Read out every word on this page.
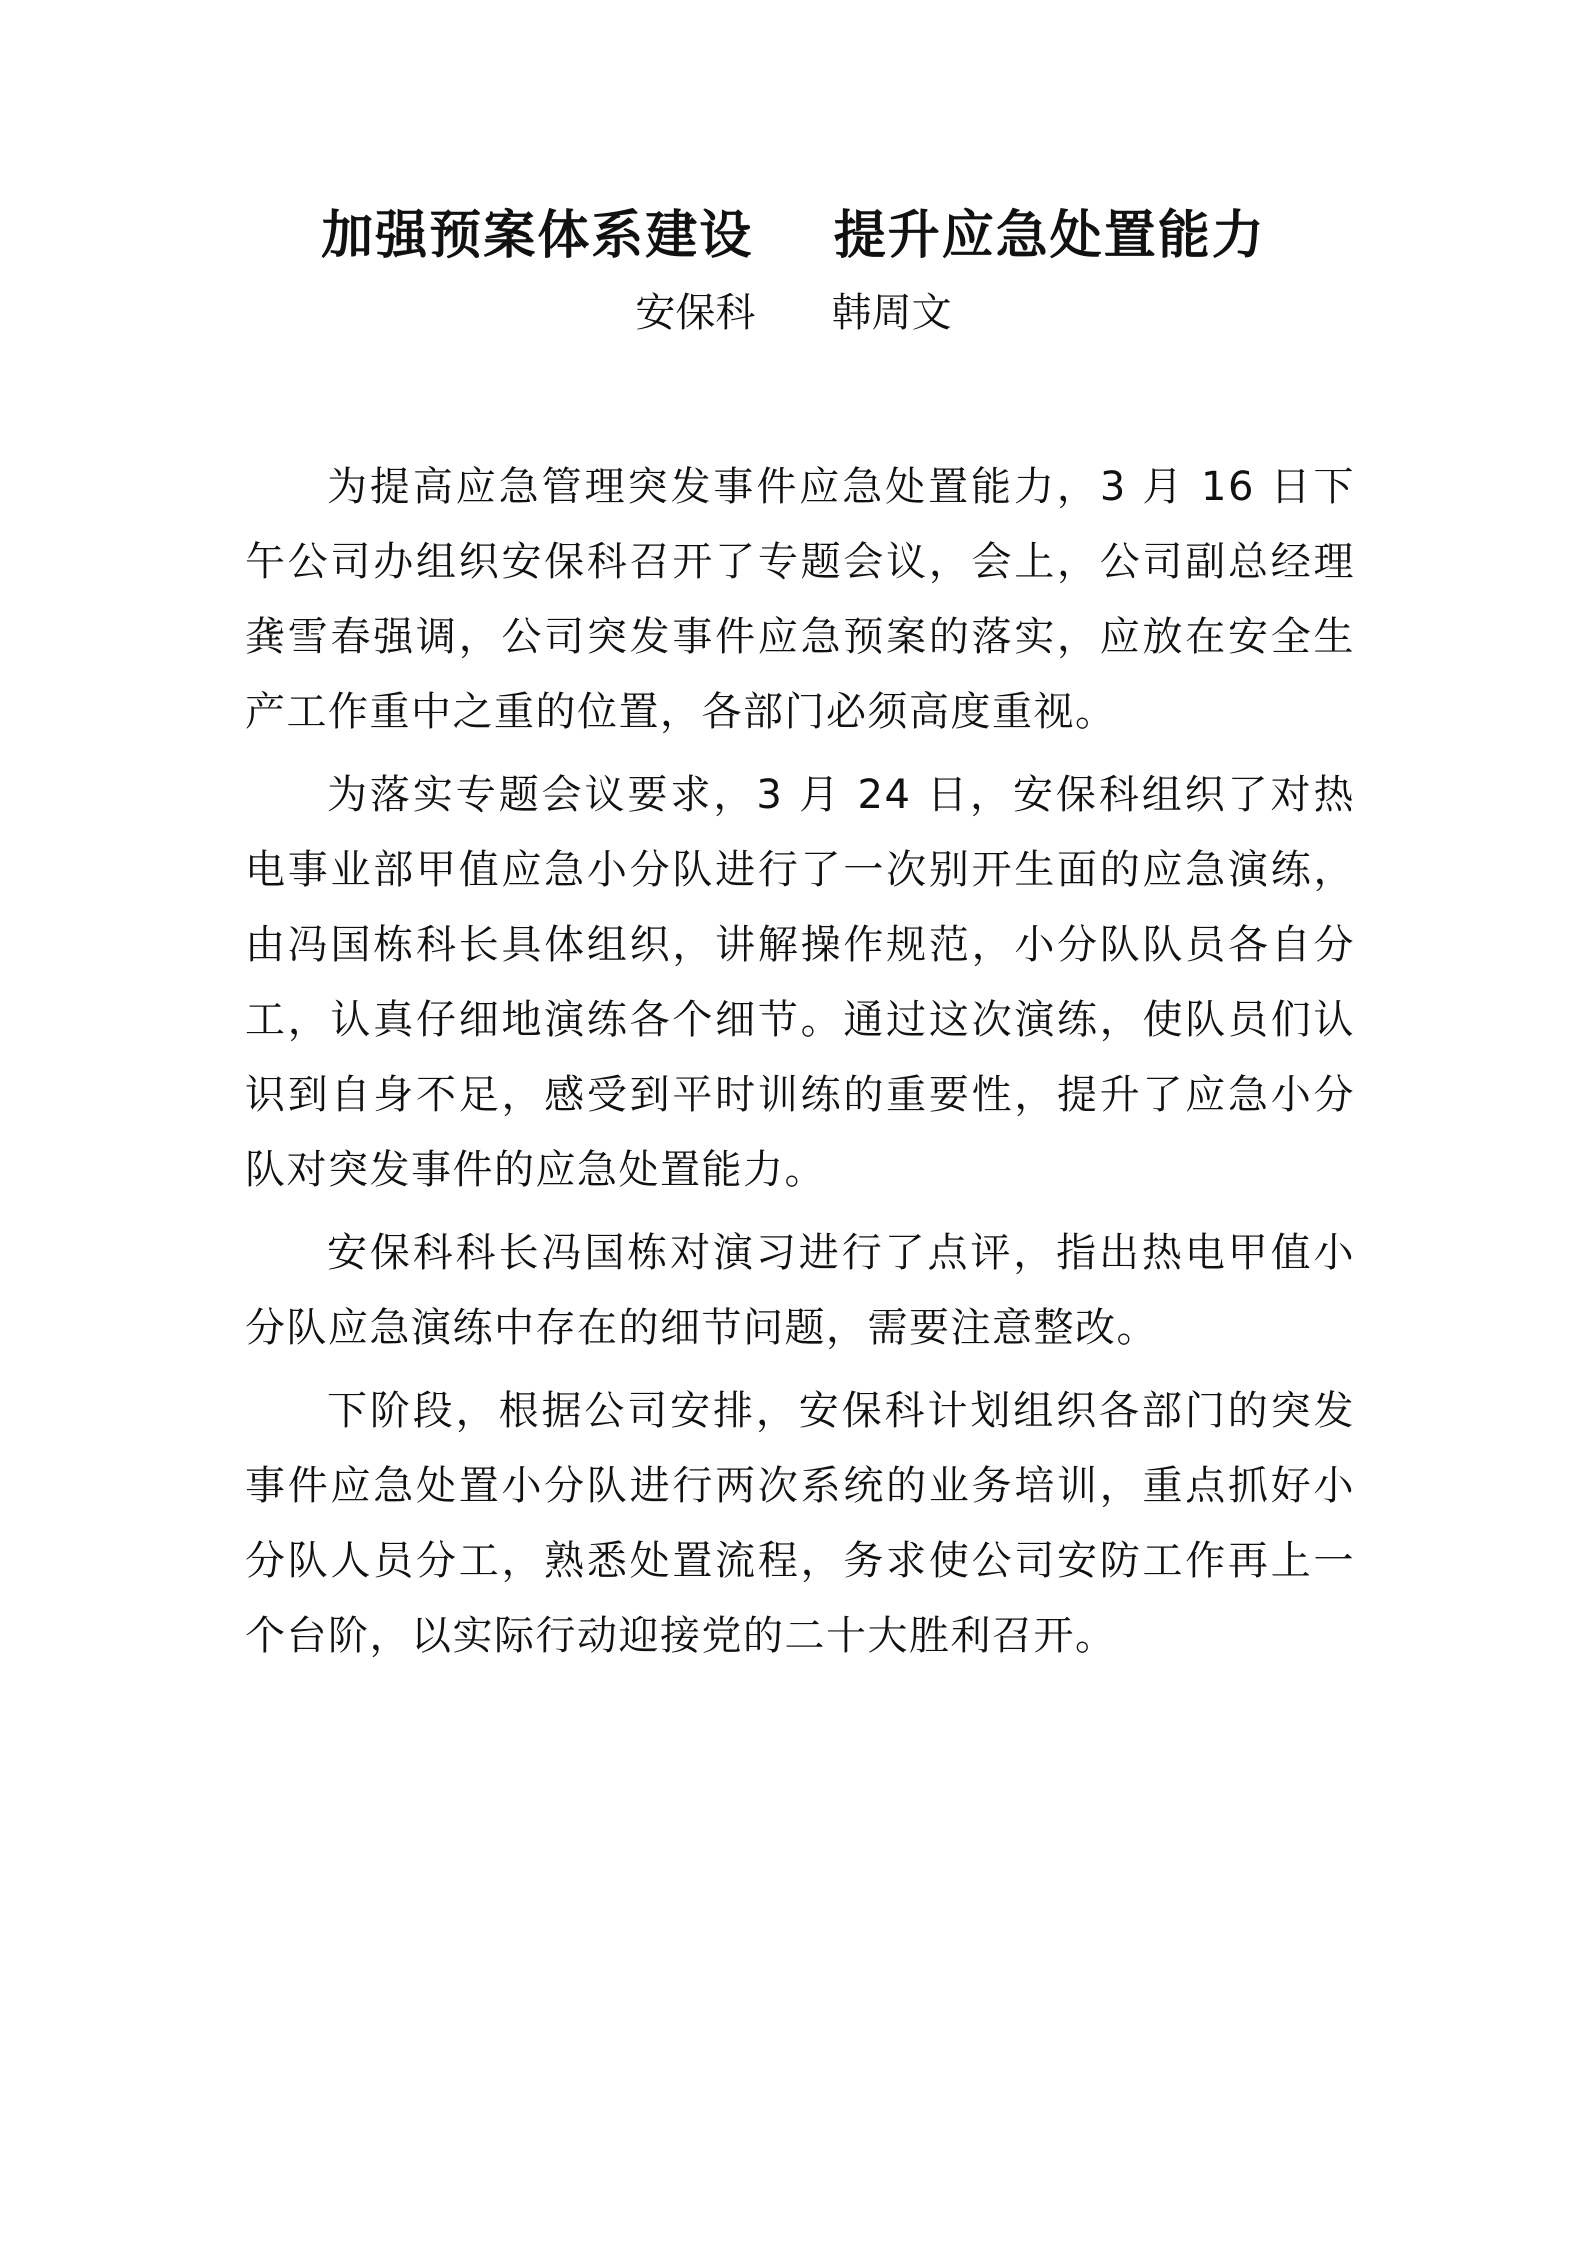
加强预案体系建设    提升应急处置能力
安保科      韩周文

为提高应急管理突发事件应急处置能力，3 月 16 日下午公司办组织安保科召开了专题会议，会上，公司副总经理龚雪春强调，公司突发事件应急预案的落实，应放在安全生产工作重中之重的位置，各部门必须高度重视。

为落实专题会议要求，3 月 24 日，安保科组织了对热电事业部甲值应急小分队进行了一次别开生面的应急演练，由冯国栋科长具体组织，讲解操作规范，小分队队员各自分工，认真仔细地演练各个细节。通过这次演练，使队员们认识到自身不足，感受到平时训练的重要性，提升了应急小分队对突发事件的应急处置能力。

安保科科长冯国栋对演习进行了点评，指出热电甲值小分队应急演练中存在的细节问题，需要注意整改。

下阶段，根据公司安排，安保科计划组织各部门的突发事件应急处置小分队进行两次系统的业务培训，重点抓好小分队人员分工，熟悉处置流程，务求使公司安防工作再上一个台阶，以实际行动迎接党的二十大胜利召开。
